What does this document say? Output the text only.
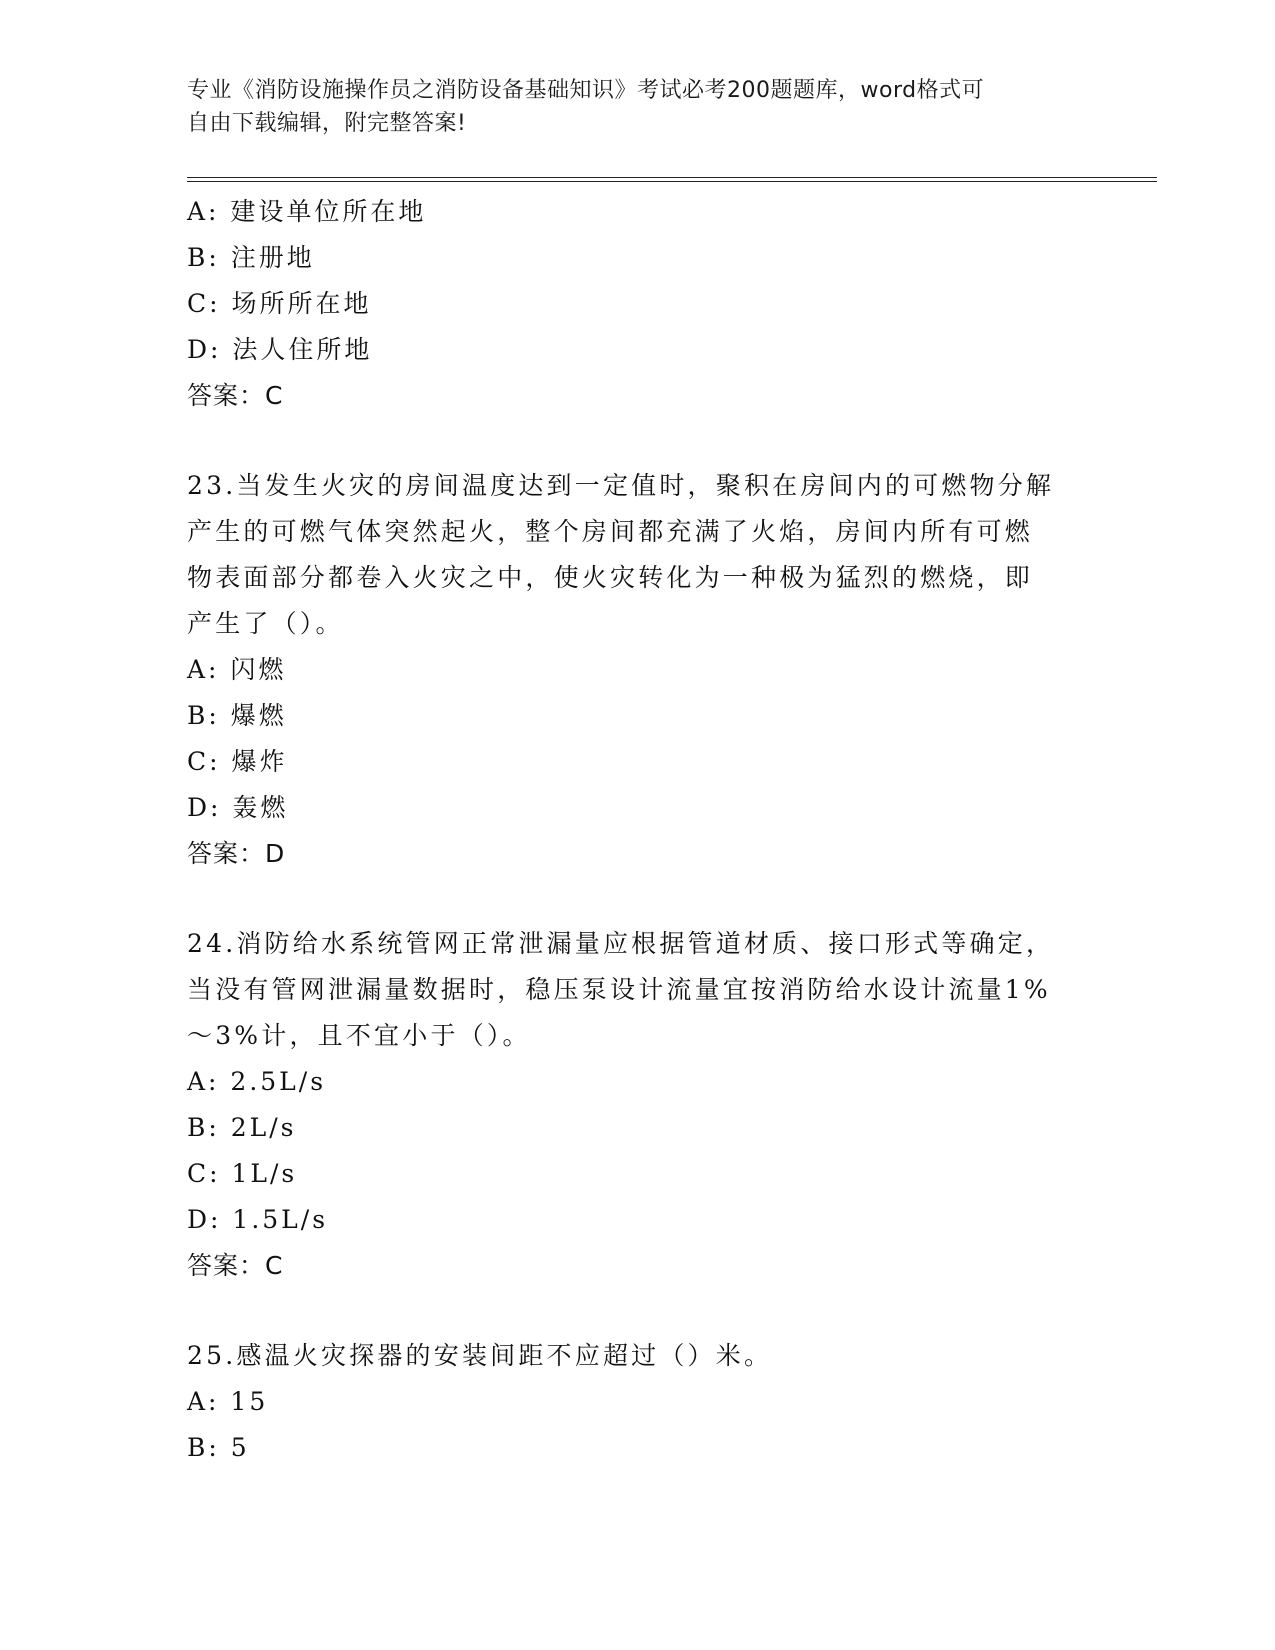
专业《消防设施操作员之消防设备基础知识》考试必考200题题库，word格式可
自由下载编辑，附完整答案!
A: 建设单位所在地
B: 注册地
C: 场所所在地
D: 法人住所地
答案：C
23.当发生火灾的房间温度达到一定值时，聚积在房间内的可燃物分解
产生的可燃气体突然起火，整个房间都充满了火焰，房间内所有可燃
物表面部分都卷入火灾之中，使火灾转化为一种极为猛烈的燃烧，即
产生了（）。
A: 闪燃
B: 爆燃
C: 爆炸
D: 轰燃
答案：D
24.消防给水系统管网正常泄漏量应根据管道材质、接口形式等确定，
当没有管网泄漏量数据时，稳压泵设计流量宜按消防给水设计流量1%
～3%计，且不宜小于（）。
A: 2.5L/s
B: 2L/s
C: 1L/s
D: 1.5L/s
答案：C
25.感温火灾探器的安装间距不应超过（）米。
A: 15
B: 5
